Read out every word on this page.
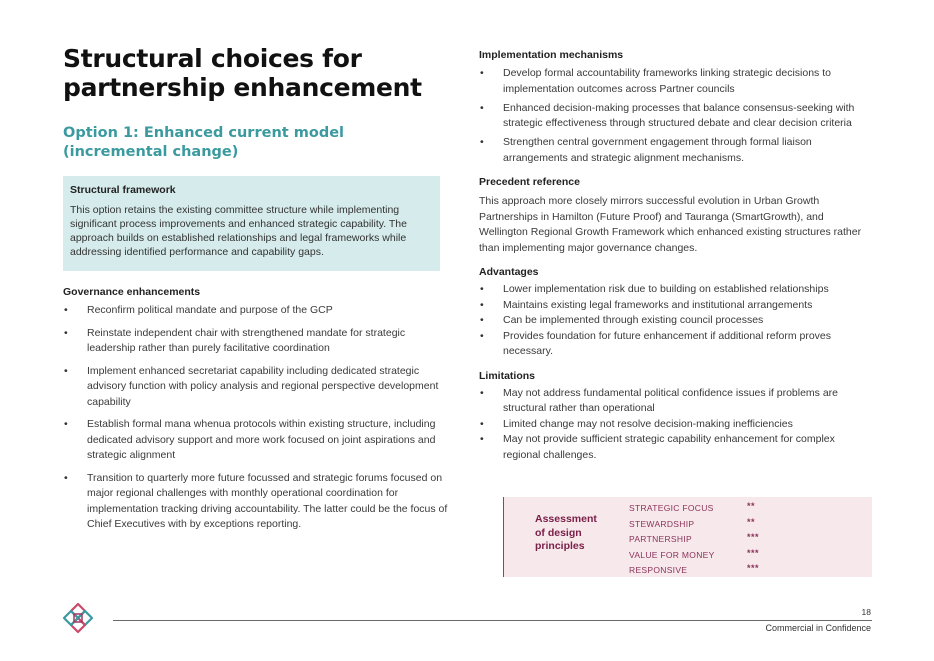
Structural choices for partnership enhancement
Option 1: Enhanced current model (incremental change)
Structural framework
This option retains the existing committee structure while implementing significant process improvements and enhanced strategic capability. The approach builds on established relationships and legal frameworks while addressing identified performance and capability gaps.
Governance enhancements
• Reconfirm political mandate and purpose of the GCP
• Reinstate independent chair with strengthened mandate for strategic leadership rather than purely facilitative coordination
• Implement enhanced secretariat capability including dedicated strategic advisory function with policy analysis and regional perspective development capability
• Establish formal mana whenua protocols within existing structure, including dedicated advisory support and more work focused on joint aspirations and strategic alignment
• Transition to quarterly more future focussed and strategic forums focused on major regional challenges with monthly operational coordination for implementation tracking driving accountability. The latter could be the focus of Chief Executives with by exceptions reporting.
Implementation mechanisms
• Develop formal accountability frameworks linking strategic decisions to implementation outcomes across Partner councils
• Enhanced decision-making processes that balance consensus-seeking with strategic effectiveness through structured debate and clear decision criteria
• Strengthen central government engagement through formal liaison arrangements and strategic alignment mechanisms.
Precedent reference

This approach more closely mirrors successful evolution in Urban Growth Partnerships in Hamilton (Future Proof) and Tauranga (SmartGrowth), and Wellington Regional Growth Framework which enhanced existing structures rather than implementing major governance changes.

Advantages
• Lower implementation risk due to building on established relationships
• Maintains existing legal frameworks and institutional arrangements
• Can be implemented through existing council processes
• Provides foundation for future enhancement if additional reform proves necessary.
Limitations
• May not address fundamental political confidence issues if problems are structural rather than operational
• Limited change may not resolve decision-making inefficiencies
• May not provide sufficient strategic capability enhancement for complex regional challenges.
Assessment of design principles
STRATEGIC FOCUS
STEWARDSHIP
PARTNERSHIP
VALUE FOR MONEY
RESPONSIVE
**
**
***
***
***
18
Commercial in Confidence
